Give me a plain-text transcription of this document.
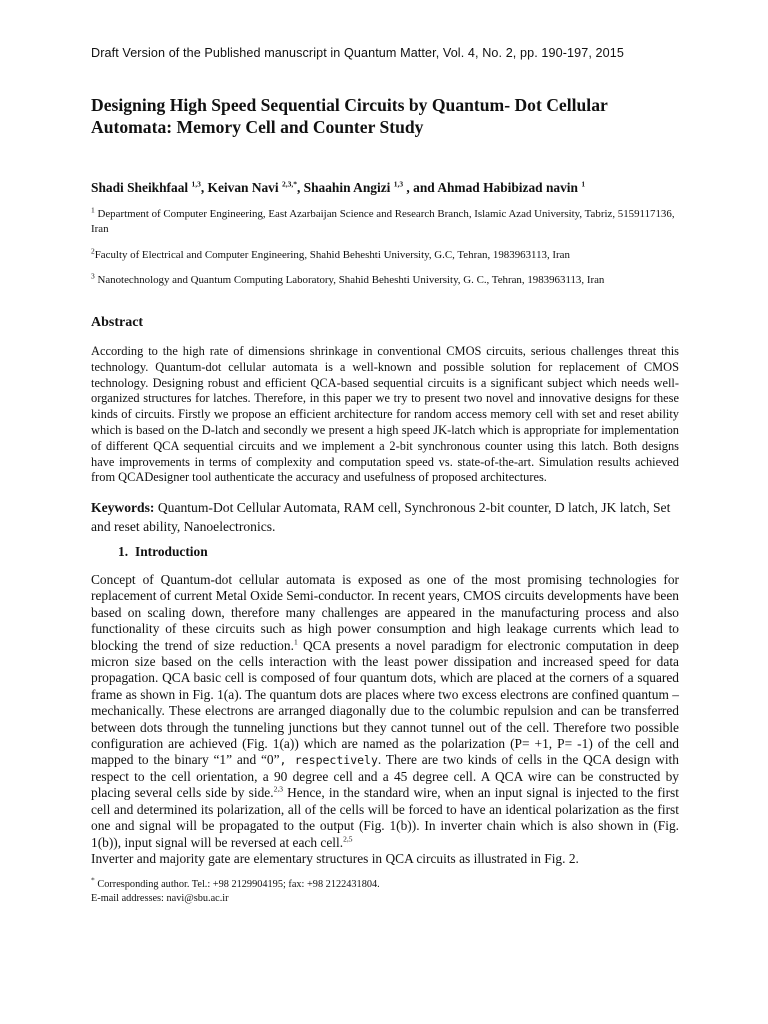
Draft Version of the Published manuscript in Quantum Matter, Vol. 4, No. 2, pp. 190-197, 2015
Designing High Speed Sequential Circuits by Quantum- Dot Cellular Automata: Memory Cell and Counter Study
Shadi Sheikhfaal $^{1,3}$, Keivan Navi $^{2,3,*}$, Shaahin Angizi $^{1,3}$ , and Ahmad Habibizad navin $^1$
$^1$ Department of Computer Engineering, East Azarbaijan Science and Research Branch, Islamic Azad University, Tabriz, 5159117136, Iran
$^2$Faculty of Electrical and Computer Engineering, Shahid Beheshti University, G.C, Tehran, 1983963113, Iran
$^3$ Nanotechnology and Quantum Computing Laboratory, Shahid Beheshti University, G. C., Tehran, 1983963113, Iran
Abstract
According to the high rate of dimensions shrinkage in conventional CMOS circuits, serious challenges threat this technology. Quantum-dot cellular automata is a well-known and possible solution for replacement of CMOS technology. Designing robust and efficient QCA-based sequential circuits is a significant subject which needs well-organized structures for latches. Therefore, in this paper we try to present two novel and innovative designs for these kinds of circuits. Firstly we propose an efficient architecture for random access memory cell with set and reset ability which is based on the D-latch and secondly we present a high speed JK-latch which is appropriate for implementation of different QCA sequential circuits and we implement a 2-bit synchronous counter using this latch. Both designs have improvements in terms of complexity and computation speed vs. state-of-the-art. Simulation results achieved from QCADesigner tool authenticate the accuracy and usefulness of proposed architectures.
Keywords: Quantum-Dot Cellular Automata, RAM cell, Synchronous 2-bit counter, D latch, JK latch, Set and reset ability, Nanoelectronics.
1. Introduction
Concept of Quantum-dot cellular automata is exposed as one of the most promising technologies for replacement of current Metal Oxide Semi-conductor. In recent years, CMOS circuits developments have been based on scaling down, therefore many challenges are appeared in the manufacturing process and also functionality of these circuits such as high power consumption and high leakage currents which lead to blocking the trend of size reduction.$^1$ QCA presents a novel paradigm for electronic computation in deep micron size based on the cells interaction with the least power dissipation and increased speed for data propagation. QCA basic cell is composed of four quantum dots, which are placed at the corners of a squared frame as shown in Fig. 1(a). The quantum dots are places where two excess electrons are confined quantum – mechanically. These electrons are arranged diagonally due to the columbic repulsion and can be transferred between dots through the tunneling junctions but they cannot tunnel out of the cell. Therefore two possible configuration are achieved (Fig. 1(a)) which are named as the polarization (P= +1, P= -1) of the cell and mapped to the binary “1” and “0”, respectively. There are two kinds of cells in the QCA design with respect to the cell orientation, a 90 degree cell and a 45 degree cell. A QCA wire can be constructed by placing several cells side by side.$^{2,3}$ Hence, in the standard wire, when an input signal is injected to the first cell and determined its polarization, all of the cells will be forced to have an identical polarization as the first one and signal will be propagated to the output (Fig. 1(b)). In inverter chain which is also shown in (Fig. 1(b)), input signal will be reversed at each cell.$^{2,5}$
Inverter and majority gate are elementary structures in QCA circuits as illustrated in Fig. 2.
* Corresponding author. Tel.: +98 2129904195; fax: +98 2122431804.
E-mail addresses: navi@sbu.ac.ir
